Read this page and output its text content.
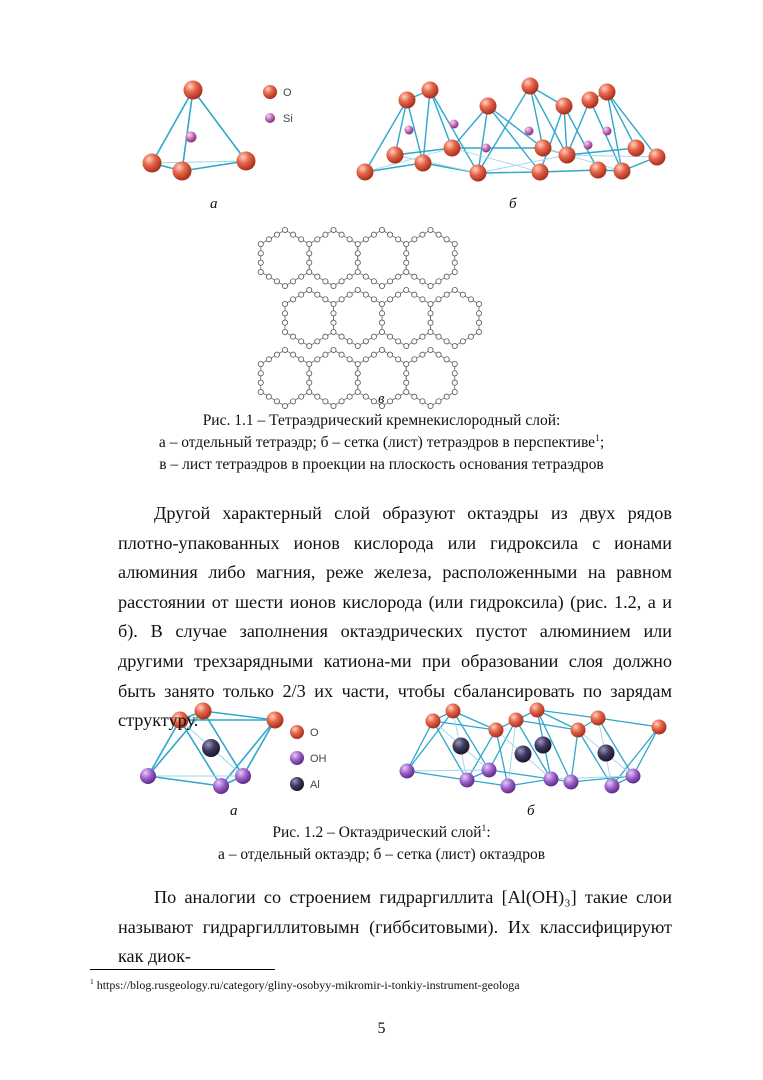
O
Si
O
OH
Al
а	б
в
Рис. 1.1 – Тетраэдрический кремнекислородный слой:
а – отдельный тетраэдр; б – сетка (лист) тетраэдров в перспективе$^1$;
в – лист тетраэдров в проекции на плоскость основания тетраэдров

Другой характерный слой образуют октаэдры из двух рядов плотно-упакованных ионов кислорода или гидроксила с ионами алюминия либо магния, реже железа, расположенными на равном расстоянии от шести ионов кислорода (или гидроксила) (рис. 1.2, а и б). В случае заполнения октаэдрических пустот алюминием или другими трехзарядными катиона-ми при образовании слоя должно быть занято только 2/3 их части, чтобы сбалансировать по зарядам структуру.

а	б
Рис. 1.2 – Октаэдрический слой$^1$:
а – отдельный октаэдр; б – сетка (лист) октаэдров

По аналогии со строением гидраргиллита [Al(OH)₃] такие слои называют гидраргиллитовымн (гиббситовыми). Их классифицируют как диок-

$^1$ https://blog.rusgeology.ru/category/gliny-osobyy-mikromir-i-tonkiy-instrument-geologa
5
